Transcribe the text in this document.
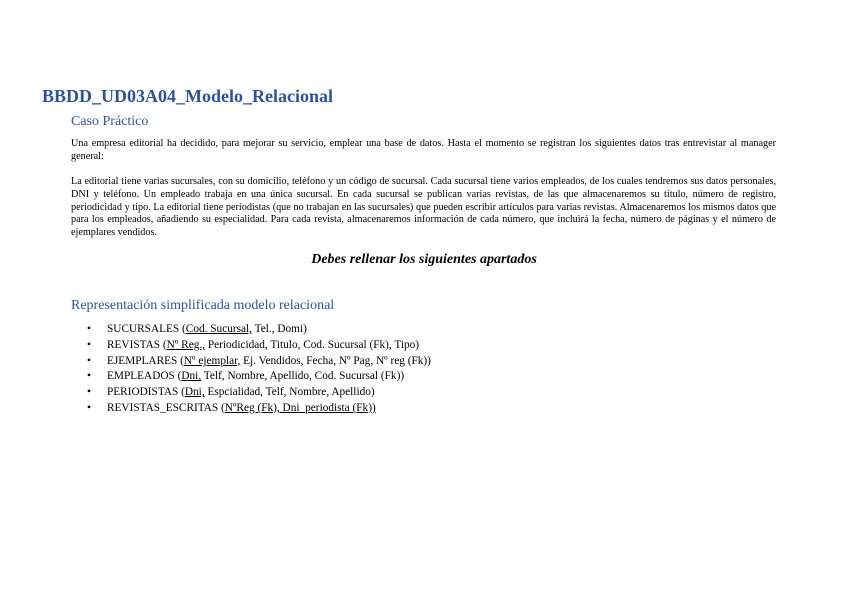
BBDD_UD03A04_Modelo_Relacional
Caso Práctico

Una empresa editorial ha decidido, para mejorar su servicio, emplear una base de datos. Hasta el momento se registran los siguientes datos tras entrevistar al manager general:

La editorial tiene varias sucursales, con su domicilio, teléfono y un código de sucursal. Cada sucursal tiene varios empleados, de los cuales tendremos sus datos personales, DNI y teléfono. Un empleado trabaja en una única sucursal. En cada sucursal se publican varias revistas, de las que almacenaremos su título, número de registro, periodicidad y tipo. La editorial tiene periodistas (que no trabajan en las sucursales) que pueden escribir artículos para varias revistas. Almacenaremos los mismos datos que para los empleados, añadiendo su especialidad. Para cada revista, almacenaremos información de cada número, que incluirá la fecha, número de páginas y el número de ejemplares vendidos.

Debes rellenar los siguientes apartados

Representación simplificada modelo relacional
• SUCURSALES (Cod. Sucursal, Tel., Domi)
• REVISTAS (Nº Reg., Periodicidad, Titulo, Cod. Sucursal (Fk), Tipo)
• EJEMPLARES (Nº ejemplar, Ej. Vendidos, Fecha, Nº Pag, Nº reg (Fk))
• EMPLEADOS (Dni, Telf, Nombre, Apellido, Cod. Sucursal (Fk))
• PERIODISTAS (Dni, Espcialidad, Telf, Nombre, Apellido)
• REVISTAS_ESCRITAS (NºReg (Fk), Dni_periodista (Fk))
